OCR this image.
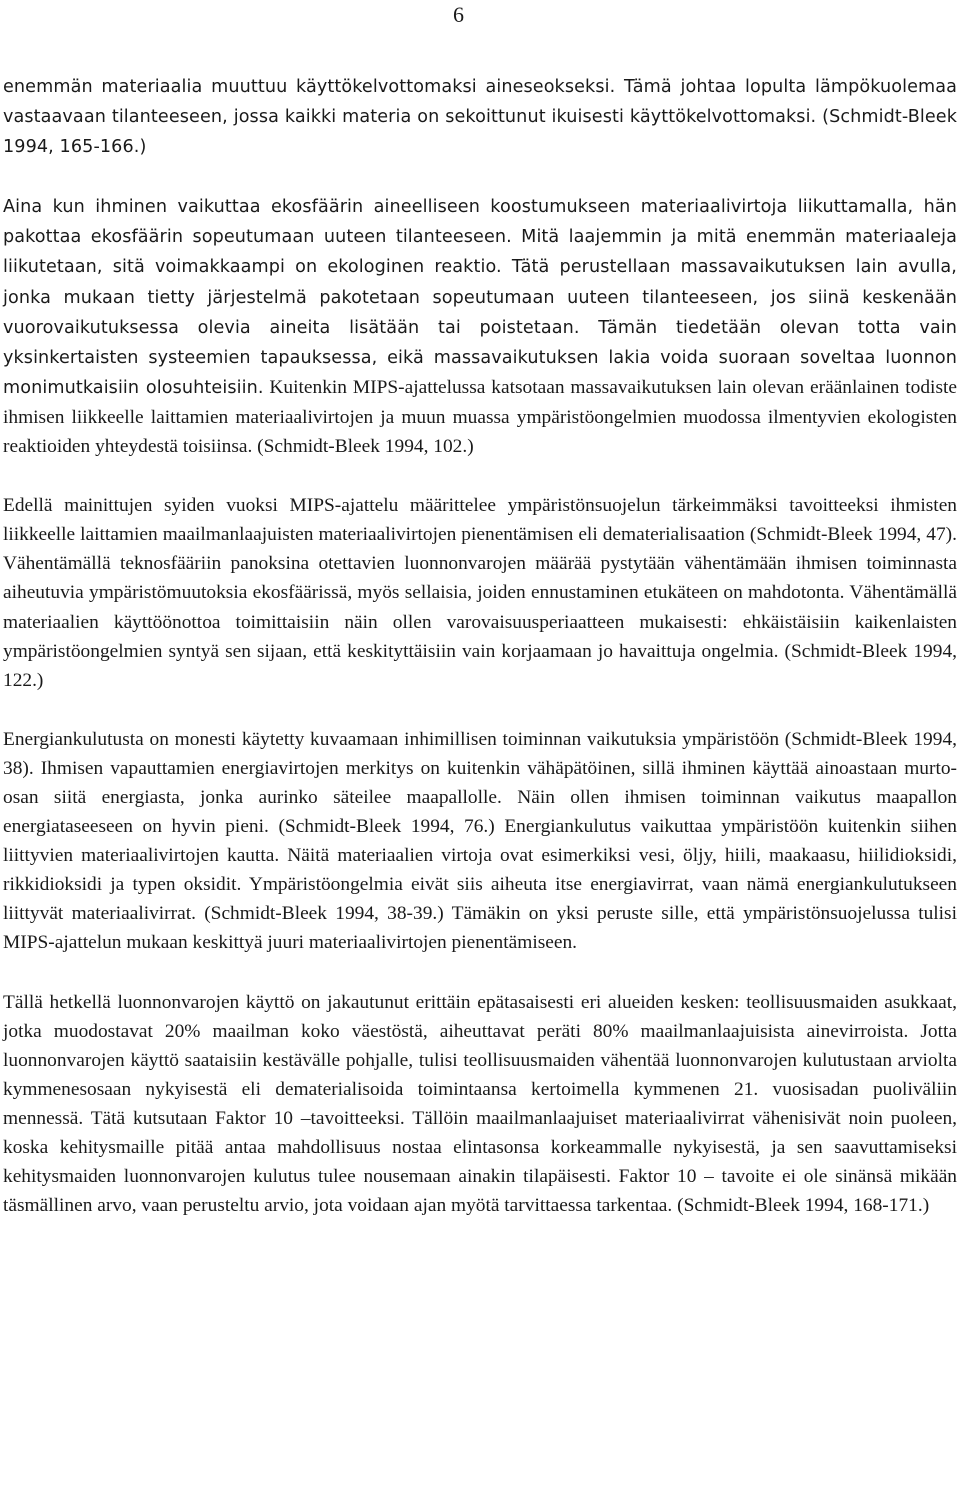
6

enemmän materiaalia muuttuu käyttökelvottomaksi aineseokseksi. Tämä johtaa lopulta lämpökuolemaa vastaavaan tilanteeseen, jossa kaikki materia on sekoittunut ikuisesti käyttökelvottomaksi. (Schmidt-Bleek 1994, 165-166.)

Aina kun ihminen vaikuttaa ekosfäärin aineelliseen koostumukseen materiaalivirtoja liikuttamalla, hän pakottaa ekosfäärin sopeutumaan uuteen tilanteeseen. Mitä laajemmin ja mitä enemmän materiaaleja liikutetaan, sitä voimakkaampi on ekologinen reaktio. Tätä perustellaan massavaikutuksen lain avulla, jonka mukaan tietty järjestelmä pakotetaan sopeutumaan uuteen tilanteeseen, jos siinä keskenään vuorovaikutuksessa olevia aineita lisätään tai poistetaan. Tämän tiedetään olevan totta vain yksinkertaisten systeemien tapauksessa, eikä massavaikutuksen lakia voida suoraan soveltaa luonnon monimutkaisiin olosuhteisiin. Kuitenkin MIPS-ajattelussa katsotaan massavaikutuksen lain olevan eräänlainen todiste ihmisen liikkeelle laittamien materiaalivirtojen ja muun muassa ympäristöongelmien muodossa ilmentyvien ekologisten reaktioiden yhteydestä toisiinsa. (Schmidt-Bleek 1994, 102.)

Edellä mainittujen syiden vuoksi MIPS-ajattelu määrittelee ympäristönsuojelun tärkeimmäksi tavoitteeksi ihmisten liikkeelle laittamien maailmanlaajuisten materiaalivirtojen pienentämisen eli dematerialisaation (Schmidt-Bleek 1994, 47). Vähentämällä teknosfääriin panoksina otettavien luonnonvarojen määrää pystytään vähentämään ihmisen toiminnasta aiheutuvia ympäristömuutoksia ekosfäärissä, myös sellaisia, joiden ennustaminen etukäteen on mahdotonta. Vähentämällä materiaalien käyttöönottoa toimittaisiin näin ollen varovaisuusperiaatteen mukaisesti: ehkäistäisiin kaikenlaisten ympäristöongelmien syntyä sen sijaan, että keskityttäisiin vain korjaamaan jo havaittuja ongelmia. (Schmidt-Bleek 1994, 122.)

Energiankulutusta on monesti käytetty kuvaamaan inhimillisen toiminnan vaikutuksia ympäristöön (Schmidt-Bleek 1994, 38). Ihmisen vapauttamien energiavirtojen merkitys on kuitenkin vähäpätöinen, sillä ihminen käyttää ainoastaan murto-osan siitä energiasta, jonka aurinko säteilee maapallolle. Näin ollen ihmisen toiminnan vaikutus maapallon energiataseeseen on hyvin pieni. (Schmidt-Bleek 1994, 76.) Energiankulutus vaikuttaa ympäristöön kuitenkin siihen liittyvien materiaalivirtojen kautta. Näitä materiaalien virtoja ovat esimerkiksi vesi, öljy, hiili, maakaasu, hiilidioksidi, rikkidioksidi ja typen oksidit. Ympäristöongelmia eivät siis aiheuta itse energiavirrat, vaan nämä energiankulutukseen liittyvät materiaalivirrat. (Schmidt-Bleek 1994, 38-39.) Tämäkin on yksi peruste sille, että ympäristönsuojelussa tulisi MIPS-ajattelun mukaan keskittyä juuri materiaalivirtojen pienentämiseen.

Tällä hetkellä luonnonvarojen käyttö on jakautunut erittäin epätasaisesti eri alueiden kesken: teollisuusmaiden asukkaat, jotka muodostavat 20% maailman koko väestöstä, aiheuttavat peräti 80% maailmanlaajuisista ainevirroista. Jotta luonnonvarojen käyttö saataisiin kestävälle pohjalle, tulisi teollisuusmaiden vähentää luonnonvarojen kulutustaan arviolta kymmenesosaan nykyisestä eli dematerialisoida toimintaansa kertoimella kymmenen 21. vuosisadan puoliväliin mennessä. Tätä kutsutaan Faktor 10 –tavoitteeksi. Tällöin maailmanlaajuiset materiaalivirrat vähenisivät noin puoleen, koska kehitysmaille pitää antaa mahdollisuus nostaa elintasonsa korkeammalle nykyisestä, ja sen saavuttamiseksi kehitysmaiden luonnonvarojen kulutus tulee nousemaan ainakin tilapäisesti. Faktor 10 – tavoite ei ole sinänsä mikään täsmällinen arvo, vaan perusteltu arvio, jota voidaan ajan myötä tarvittaessa tarkentaa. (Schmidt-Bleek 1994, 168-171.)
